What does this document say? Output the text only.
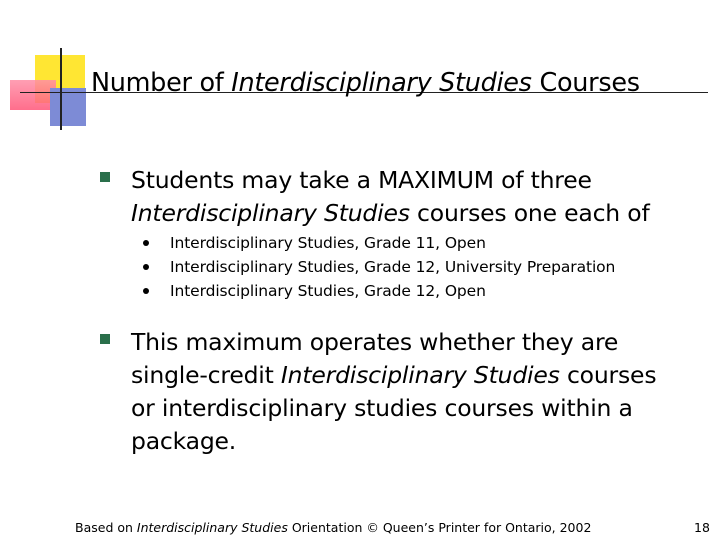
Number of Interdisciplinary Studies Courses

Students may take a MAXIMUM of three
Interdisciplinary Studies courses one each of

Interdisciplinary Studies, Grade 11, Open
Interdisciplinary Studies, Grade 12, University Preparation
Interdisciplinary Studies, Grade 12, Open

This maximum operates whether they are
single-credit Interdisciplinary Studies courses
or interdisciplinary studies courses within a
package.

Based on Interdisciplinary Studies Orientation © Queen’s Printer for Ontario, 2002	18
